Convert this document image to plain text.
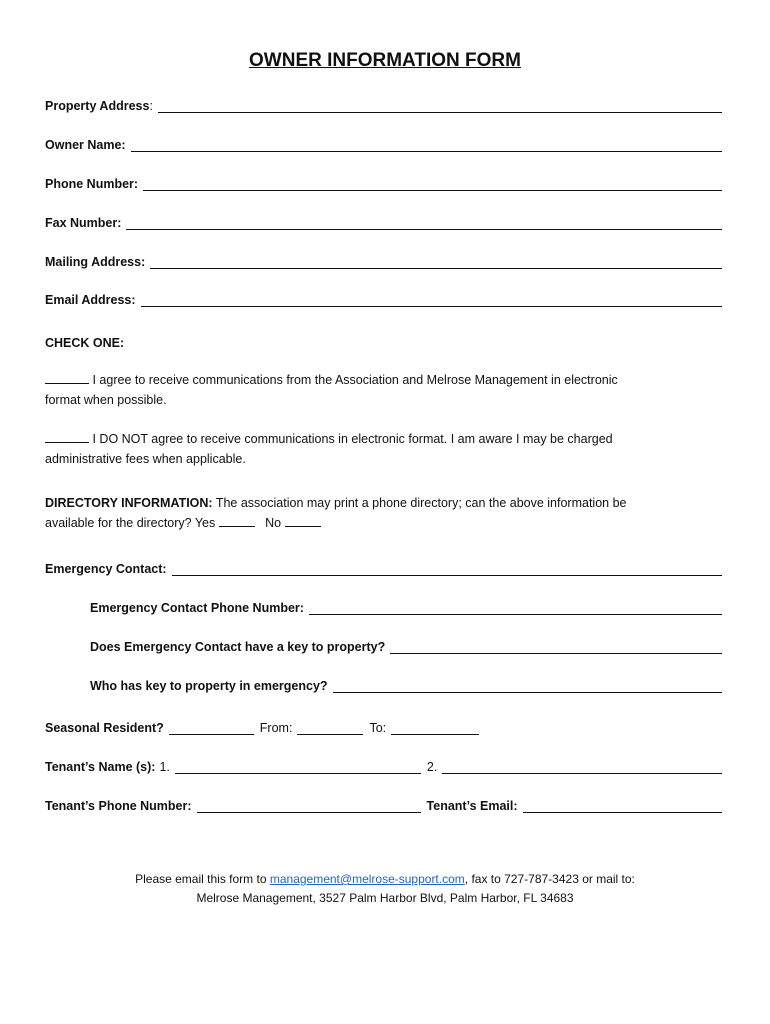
OWNER INFORMATION FORM
Property Address :
Owner Name:
Phone Number:
Fax Number:
Mailing Address:
Email Address:
CHECK ONE:
I agree to receive communications from the Association and Melrose Management in electronic
format when possible.
I DO NOT agree to receive communications in electronic format. I am aware I may be charged
administrative fees when applicable.
DIRECTORY INFORMATION: The association may print a phone directory; can the above information be
available for the directory? Yes	No
Emergency Contact:
Emergency Contact Phone Number:
Does Emergency Contact have a key to property?
Who has key to property in emergency?
Seasonal Resident?	From:	To:
Tenant’s Name (s): 1.	2.
Tenant’s Phone Number:	Tenant’s Email:
Please email this form to management@melrose-support.com, fax to 727-787-3423 or mail to:
Melrose Management, 3527 Palm Harbor Blvd, Palm Harbor, FL 34683
